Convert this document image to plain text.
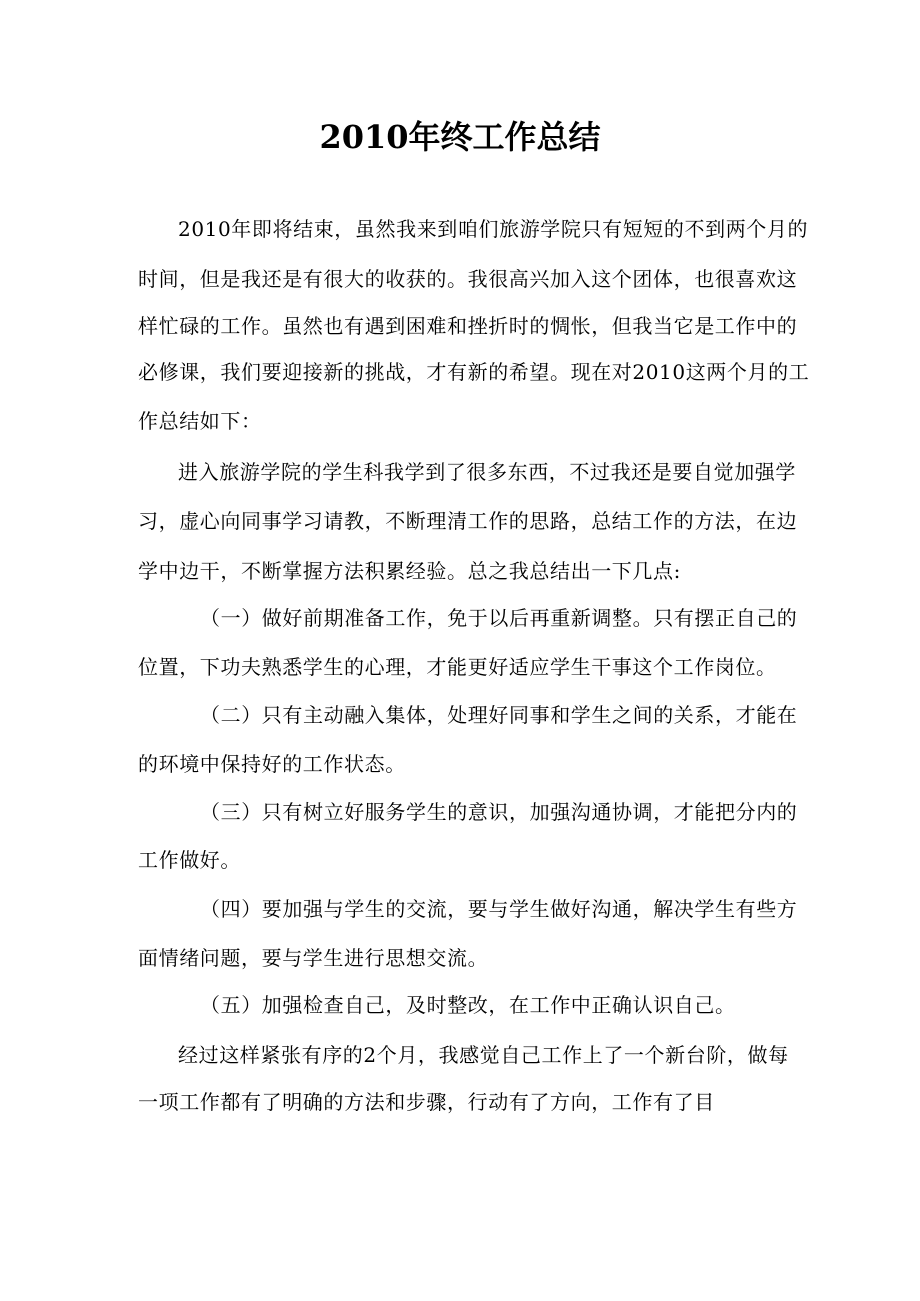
2010年终工作总结
2010年即将结束，虽然我来到咱们旅游学院只有短短的不到两个月的
时间，但是我还是有很大的收获的。我很高兴加入这个团体，也很喜欢这
样忙碌的工作。虽然也有遇到困难和挫折时的惆怅，但我当它是工作中的
必修课，我们要迎接新的挑战，才有新的希望。现在对2010这两个月的工
作总结如下：
进入旅游学院的学生科我学到了很多东西，不过我还是要自觉加强学
习，虚心向同事学习请教，不断理清工作的思路，总结工作的方法，在边
学中边干，不断掌握方法积累经验。总之我总结出一下几点:
（一）做好前期准备工作，免于以后再重新调整。只有摆正自己的
位置，下功夫熟悉学生的心理，才能更好适应学生干事这个工作岗位。
（二）只有主动融入集体，处理好同事和学生之间的关系，才能在
的环境中保持好的工作状态。
（三）只有树立好服务学生的意识，加强沟通协调，才能把分内的
工作做好。
（四）要加强与学生的交流，要与学生做好沟通，解决学生有些方
面情绪问题，要与学生进行思想交流。
（五）加强检查自己，及时整改，在工作中正确认识自己。
经过这样紧张有序的2个月，我感觉自己工作上了一个新台阶，做每
一项工作都有了明确的方法和步骤，行动有了方向，工作有了目
